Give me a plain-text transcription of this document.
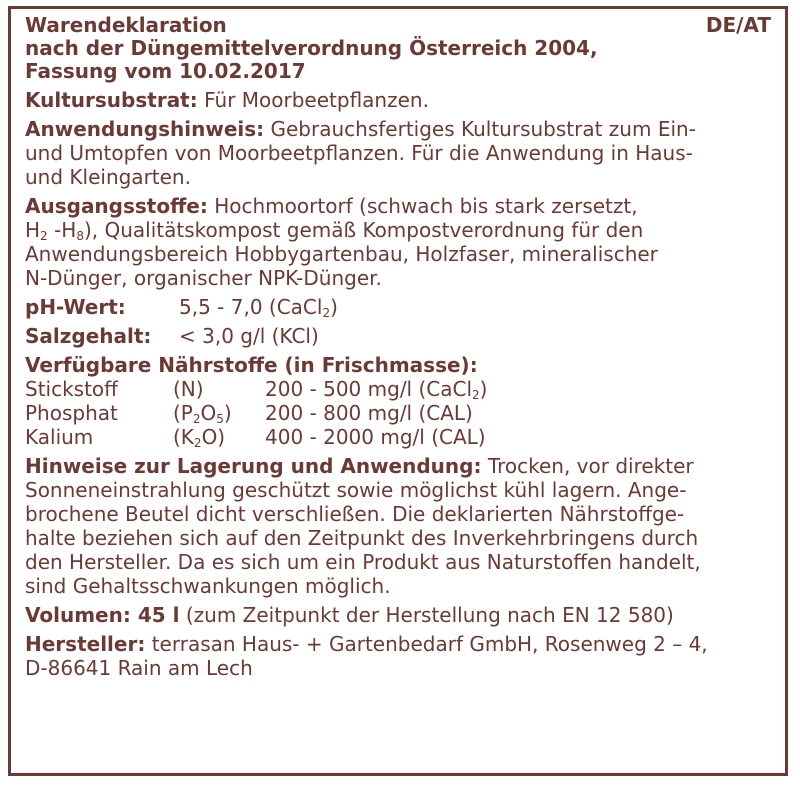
Warendeklaration
nach der Düngemittelverordnung Österreich 2004,
Fassung vom 10.02.2017
DE/AT
Kultursubstrat: Für Moorbeetpflanzen.
Anwendungshinweis: Gebrauchsfertiges Kultursubstrat zum Ein-
und Umtopfen von Moorbeetpflanzen. Für die Anwendung in Haus-
und Kleingarten.
Ausgangsstoffe: Hochmoortorf (schwach bis stark zersetzt,
$H_2$ $-H_8$), Qualitätskompost gemäß Kompostverordnung für den
Anwendungsbereich Hobbygartenbau, Holzfaser, mineralischer
N-Dünger, organischer NPK-Dünger.
pH-Wert:	5,5 - 7,0 (CaCl$_2$)
Salzgehalt:	< 3,0 g/l (KCl)
Verfügbare Nährstoffe (in Frischmasse):
Stickstoff	(N)	200 - 500 mg/l (CaCl$_2$)
Phosphat	$(P_2O_5)$	200 - 800 mg/l (CAL)
Kalium	$(K_2O)$	400 - 2000 mg/l (CAL)
Hinweise zur Lagerung und Anwendung: Trocken, vor direkter
Sonneneinstrahlung geschützt sowie möglichst kühl lagern. Ange-
brochene Beutel dicht verschließen. Die deklarierten Nährstoffge-
halte beziehen sich auf den Zeitpunkt des Inverkehrbringens durch
den Hersteller. Da es sich um ein Produkt aus Naturstoffen handelt,
sind Gehaltsschwankungen möglich.
Volumen: 45 l (zum Zeitpunkt der Herstellung nach EN 12 580)
Hersteller: terrasan Haus- + Gartenbedarf GmbH, Rosenweg 2 – 4,
D-86641 Rain am Lech
